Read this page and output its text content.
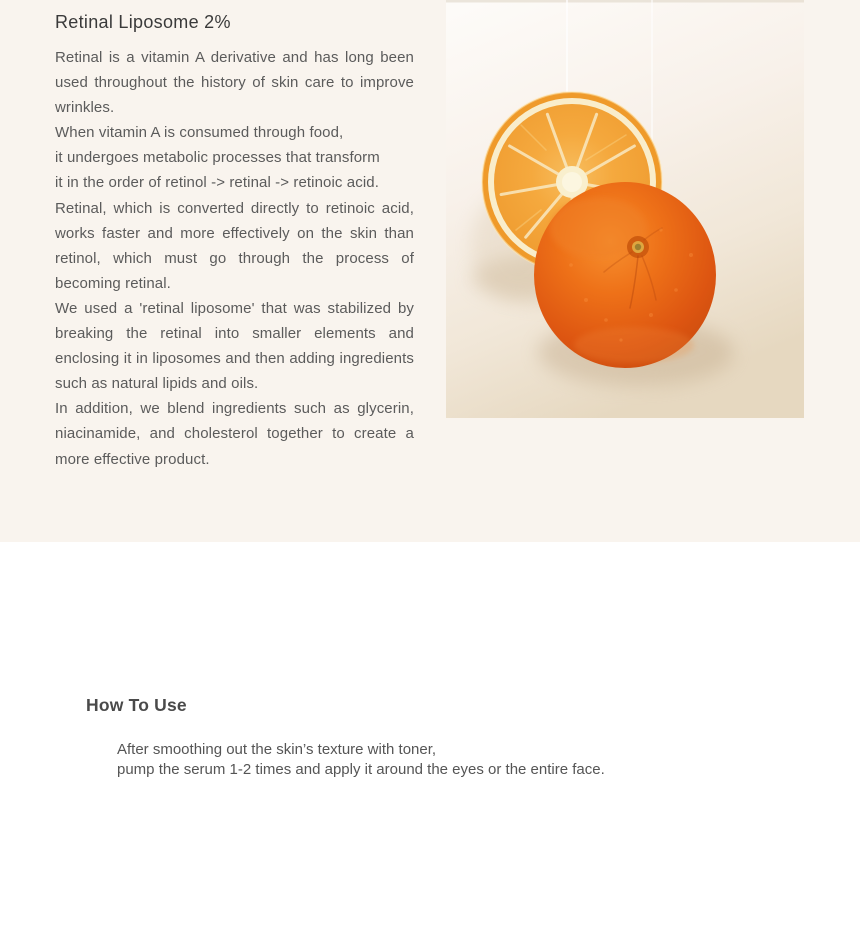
Retinal Liposome 2%
Retinal is a vitamin A derivative and has long been
used throughout the history of skin care to improve
wrinkles.
When vitamin A is consumed through food,
it undergoes metabolic processes that transform
it in the order of retinol -> retinal -> retinoic acid.
Retinal, which is converted directly to retinoic acid,
works faster and more effectively on the skin than
retinol, which must go through the process of
becoming retinal.
We used a 'retinal liposome' that was stabilized by
breaking the retinal into smaller elements and
enclosing it in liposomes and then adding ingredients
such as natural lipids and oils.
In addition, we blend ingredients such as glycerin,
niacinamide, and cholesterol together to create a
more effective product.
How To Use

After smoothing out the skin’s texture with toner,

pump the serum 1-2 times and apply it around the eyes or the entire face.
